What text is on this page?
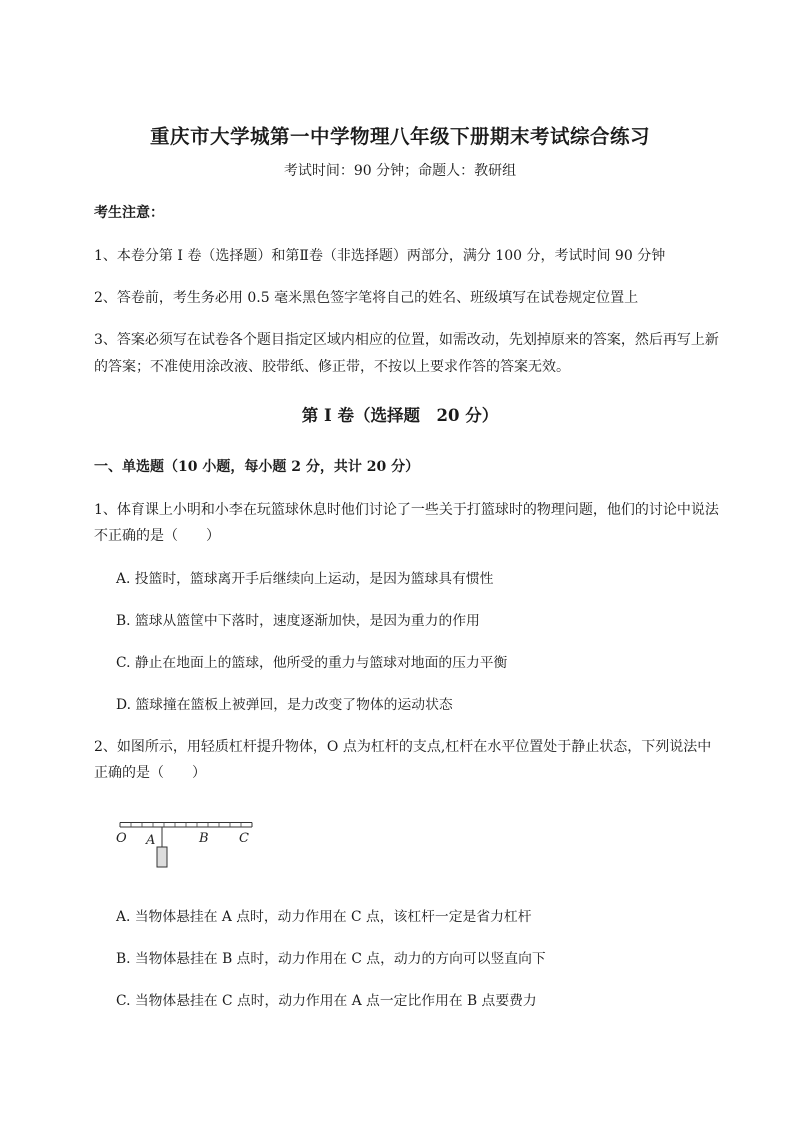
重庆市大学城第一中学物理八年级下册期末考试综合练习
考试时间：90 分钟；命题人：教研组
考生注意：
1、本卷分第 I 卷（选择题）和第Ⅱ卷（非选择题）两部分，满分 100 分，考试时间 90 分钟
2、答卷前，考生务必用 0.5 毫米黑色签字笔将自己的姓名、班级填写在试卷规定位置上
3、答案必须写在试卷各个题目指定区域内相应的位置，如需改动，先划掉原来的答案，然后再写上新
的答案；不准使用涂改液、胶带纸、修正带，不按以上要求作答的答案无效。
第 I 卷（选择题　20 分）
一、单选题（10 小题，每小题 2 分，共计 20 分）
1、体育课上小明和小李在玩篮球休息时他们讨论了一些关于打篮球时的物理问题，他们的讨论中说法
不正确的是（　　）
A. 投篮时，篮球离开手后继续向上运动，是因为篮球具有惯性
B. 篮球从篮筐中下落时，速度逐渐加快，是因为重力的作用
C. 静止在地面上的篮球，他所受的重力与篮球对地面的压力平衡
D. 篮球撞在篮板上被弹回，是力改变了物体的运动状态
2、如图所示，用轻质杠杆提升物体，O 点为杠杆的支点,杠杆在水平位置处于静止状态，下列说法中
正确的是（　　）
O A	B C
A. 当物体悬挂在 A 点时，动力作用在 C 点，该杠杆一定是省力杠杆
B. 当物体悬挂在 B 点时，动力作用在 C 点，动力的方向可以竖直向下
C. 当物体悬挂在 C 点时，动力作用在 A 点一定比作用在 B 点要费力
